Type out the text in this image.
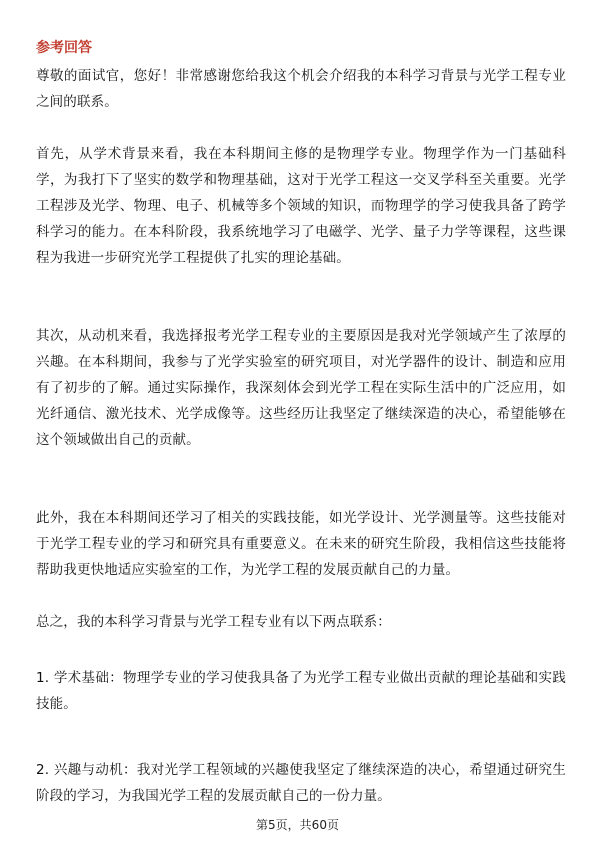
参考回答

尊敬的面试官，您好！非常感谢您给我这个机会介绍我的本科学习背景与光学工程专业之间的联系。

首先，从学术背景来看，我在本科期间主修的是物理学专业。物理学作为一门基础科学，为我打下了坚实的数学和物理基础，这对于光学工程这一交叉学科至关重要。光学工程涉及光学、物理、电子、机械等多个领域的知识，而物理学的学习使我具备了跨学科学习的能力。在本科阶段，我系统地学习了电磁学、光学、量子力学等课程，这些课程为我进一步研究光学工程提供了扎实的理论基础。

其次，从动机来看，我选择报考光学工程专业的主要原因是我对光学领域产生了浓厚的兴趣。在本科期间，我参与了光学实验室的研究项目，对光学器件的设计、制造和应用有了初步的了解。通过实际操作，我深刻体会到光学工程在实际生活中的广泛应用，如光纤通信、激光技术、光学成像等。这些经历让我坚定了继续深造的决心，希望能够在这个领域做出自己的贡献。

此外，我在本科期间还学习了相关的实践技能，如光学设计、光学测量等。这些技能对于光学工程专业的学习和研究具有重要意义。在未来的研究生阶段，我相信这些技能将帮助我更快地适应实验室的工作，为光学工程的发展贡献自己的力量。

总之，我的本科学习背景与光学工程专业有以下两点联系：

1. 学术基础：物理学专业的学习使我具备了为光学工程专业做出贡献的理论基础和实践技能。

2. 兴趣与动机：我对光学工程领域的兴趣使我坚定了继续深造的决心，希望通过研究生阶段的学习，为我国光学工程的发展贡献自己的一份力量。

第5页，共60页
